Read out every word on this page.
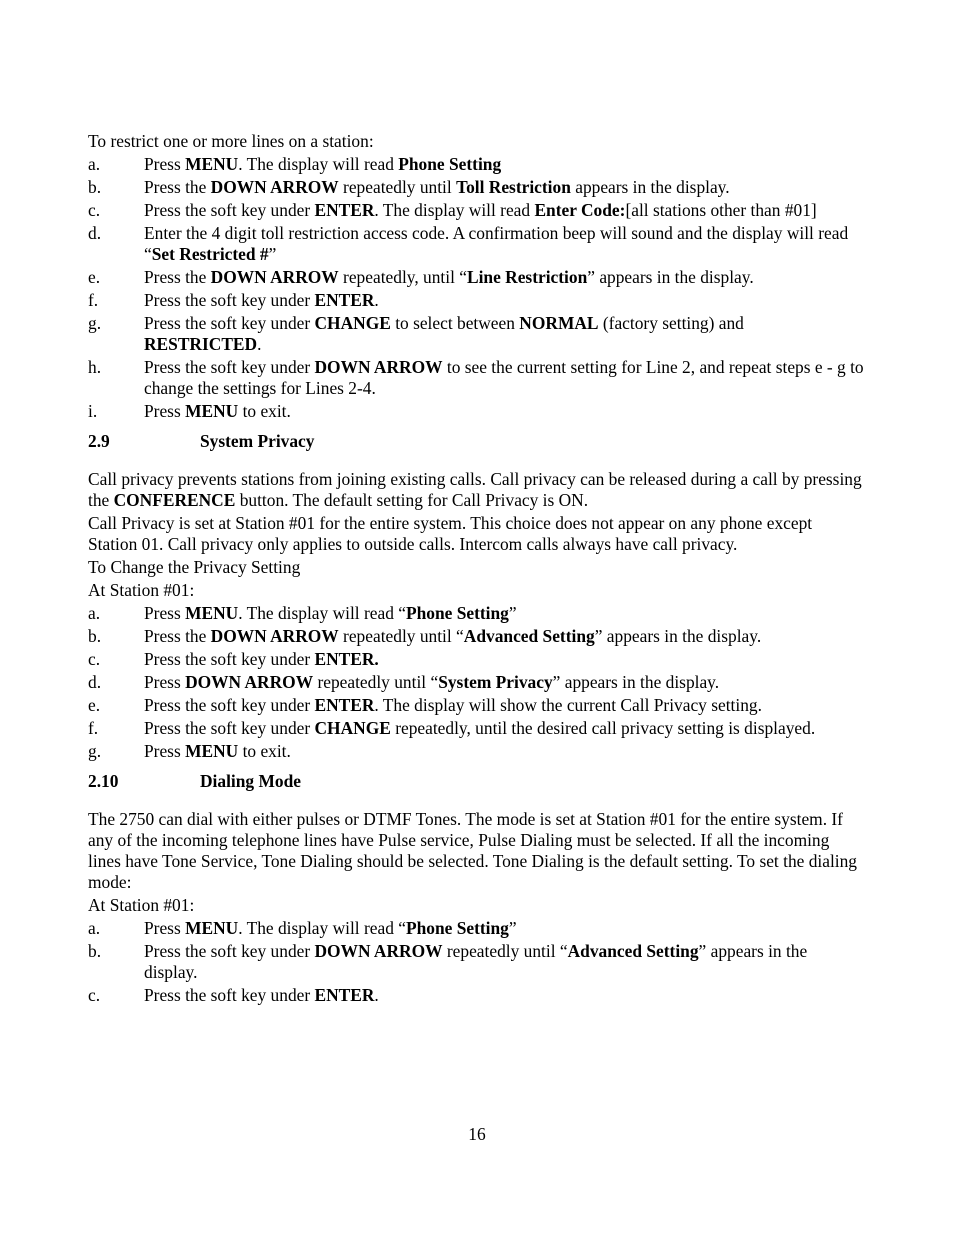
To restrict one or more lines on a station:

a.	Press MENU. The display will read Phone Setting
b. Press the DOWN ARROW repeatedly until Toll Restriction appears in the display.
c.	Press the soft key under ENTER. The display will read Enter Code:[all stations other than #01]
d. Enter the 4 digit toll restriction access code. A confirmation beep will sound and the display will read “Set Restricted #”
e.	Press the DOWN ARROW repeatedly, until “Line Restriction” appears in the display.
f.	Press the soft key under ENTER.
g. Press the soft key under CHANGE to select between NORMAL (factory setting) and RESTRICTED.
h. Press the soft key under DOWN ARROW to see the current setting for Line 2, and repeat steps e - g to change the settings for Lines 2-4.
i.	Press MENU to exit.
2.9	System Privacy

Call privacy prevents stations from joining existing calls. Call privacy can be released during a call by pressing the CONFERENCE button. The default setting for Call Privacy is ON.

Call Privacy is set at Station #01 for the entire system. This choice does not appear on any phone except Station 01. Call privacy only applies to outside calls. Intercom calls always have call privacy.

To Change the Privacy Setting

At Station #01:

a.	Press MENU. The display will read “Phone Setting”
b. Press the DOWN ARROW repeatedly until “Advanced Setting” appears in the display.
c.	Press the soft key under ENTER.
d. Press DOWN ARROW repeatedly until “System Privacy” appears in the display.
e.	Press the soft key under ENTER. The display will show the current Call Privacy setting.
f.	Press the soft key under CHANGE repeatedly, until the desired call privacy setting is displayed.
g. Press MENU to exit.
2.10	Dialing Mode

The 2750 can dial with either pulses or DTMF Tones. The mode is set at Station #01 for the entire system. If any of the incoming telephone lines have Pulse service, Pulse Dialing must be selected. If all the incoming lines have Tone Service, Tone Dialing should be selected. Tone Dialing is the default setting. To set the dialing mode:

At Station #01:

a.	Press MENU. The display will read “Phone Setting”
b. Press the soft key under DOWN ARROW repeatedly until “Advanced Setting” appears in the display.
c.	Press the soft key under ENTER.
16
